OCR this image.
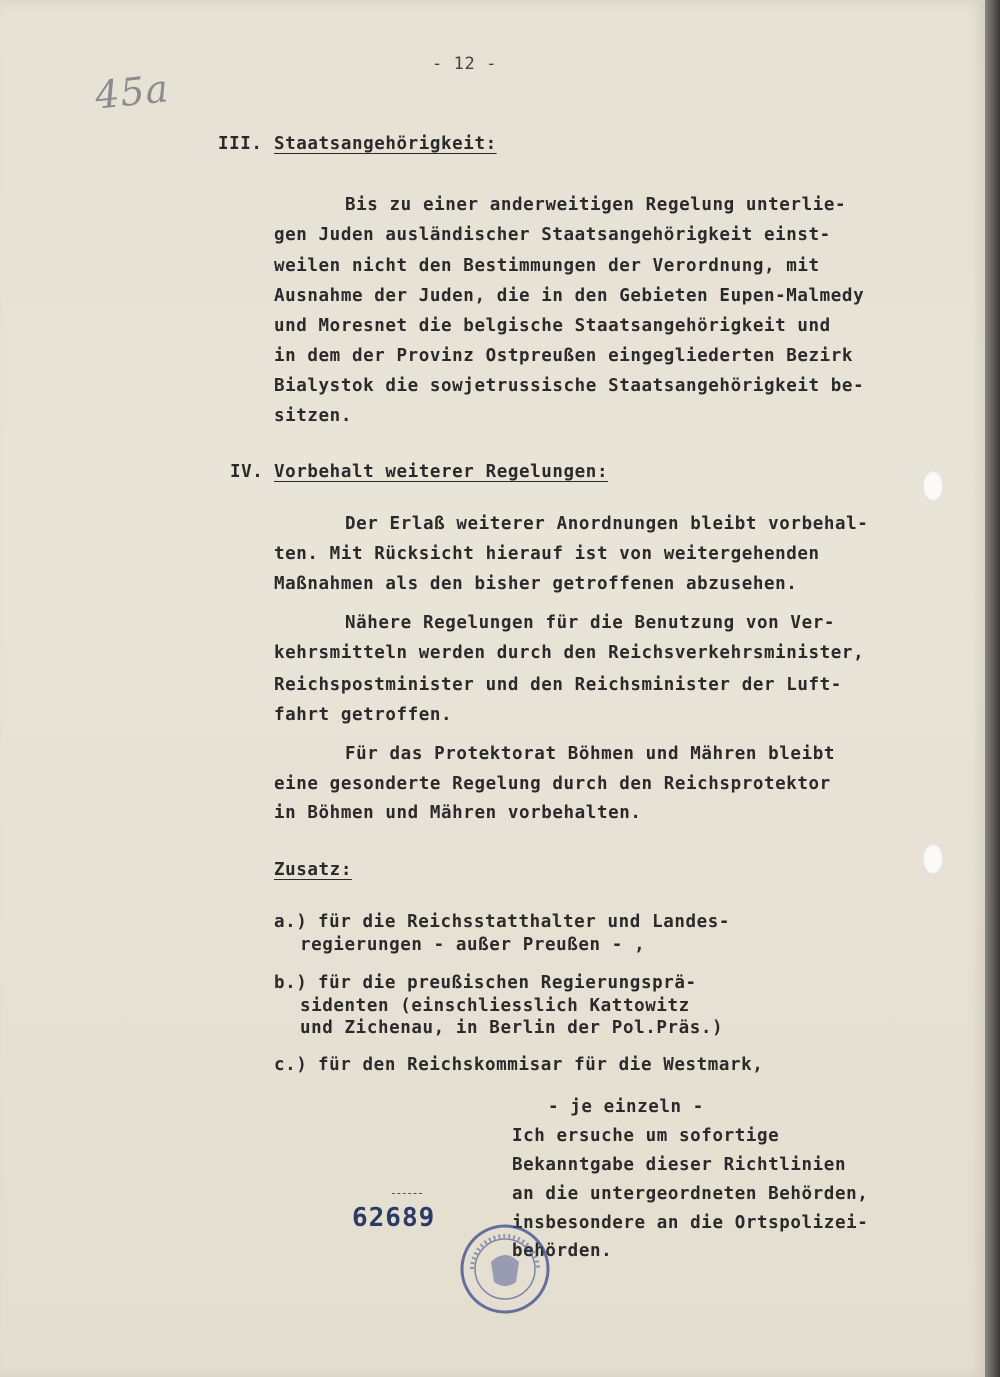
45a
- 12 -
III. Staatsangehörigkeit:
Bis zu einer anderweitigen Regelung unterlie-
gen Juden ausländischer Staatsangehörigkeit einst-
weilen nicht den Bestimmungen der Verordnung, mit
Ausnahme der Juden, die in den Gebieten Eupen-Malmedy
und Moresnet die belgische Staatsangehörigkeit und
in dem der Provinz Ostpreußen eingegliederten Bezirk
Bialystok die sowjetrussische Staatsangehörigkeit be-
sitzen.
IV. Vorbehalt weiterer Regelungen:
Der Erlaß weiterer Anordnungen bleibt vorbehal-
ten. Mit Rücksicht hierauf ist von weitergehenden
Maßnahmen als den bisher getroffenen abzusehen.
Nähere Regelungen für die Benutzung von Ver-
kehrsmitteln werden durch den Reichsverkehrsminister,
Reichspostminister und den Reichsminister der Luft-
fahrt getroffen.
Für das Protektorat Böhmen und Mähren bleibt
eine gesonderte Regelung durch den Reichsprotektor
in Böhmen und Mähren vorbehalten.
Zusatz:
a.) für die Reichsstatthalter und Landes-
regierungen - außer Preußen - ,
b.) für die preußischen Regierungsprä-
sidenten (einschliesslich Kattowitz
und Zichenau, in Berlin der Pol.Präs.)
c.) für den Reichskommisar für die Westmark,
- je einzeln -
Ich ersuche um sofortige
Bekanntgabe dieser Richtlinien
an die untergeordneten Behörden,
insbesondere an die Ortspolizei-
behörden.
62689
